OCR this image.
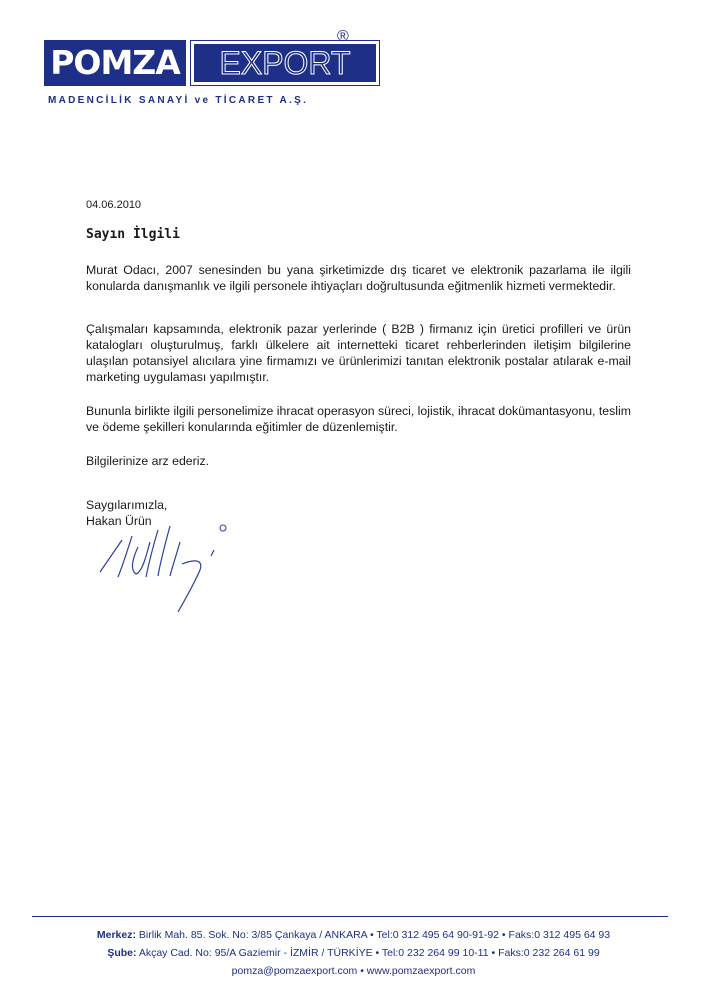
POMZA	EXPORT
®
MADENCİLİK SANAYİ ve TİCARET A.Ş.
04.06.2010
Sayın İlgili

Murat Odacı, 2007 senesinden bu yana şirketimizde dış ticaret ve elektronik pazarlama ile ilgili konularda danışmanlık ve ilgili personele ihtiyaçları doğrultusunda eğitmenlik hizmeti vermektedir.

Çalışmaları kapsamında, elektronik pazar yerlerinde ( B2B ) firmanız için üretici profilleri ve ürün katalogları oluşturulmuş, farklı ülkelere ait internetteki ticaret rehberlerinden iletişim bilgilerine ulaşılan potansiyel alıcılara yine firmamızı ve ürünlerimizi tanıtan elektronik postalar atılarak e-mail marketing uygulaması yapılmıştır.

Bununla birlikte ilgili personelimize ihracat operasyon süreci, lojistik, ihracat dokümantasyonu, teslim ve ödeme şekilleri konularında eğitimler de düzenlemiştir.

Bilgilerinize arz ederiz.

Saygılarımızla,
Hakan Ürün
Merkez: Birlik Mah. 85. Sok. No: 3/85 Çankaya / ANKARA • Tel:0 312 495 64 90-91-92 • Faks:0 312 495 64 93
Şube: Akçay Cad. No: 95/A Gaziemir - İZMİR / TÜRKİYE • Tel:0 232 264 99 10-11 • Faks:0 232 264 61 99
pomza@pomzaexport.com • www.pomzaexport.com
